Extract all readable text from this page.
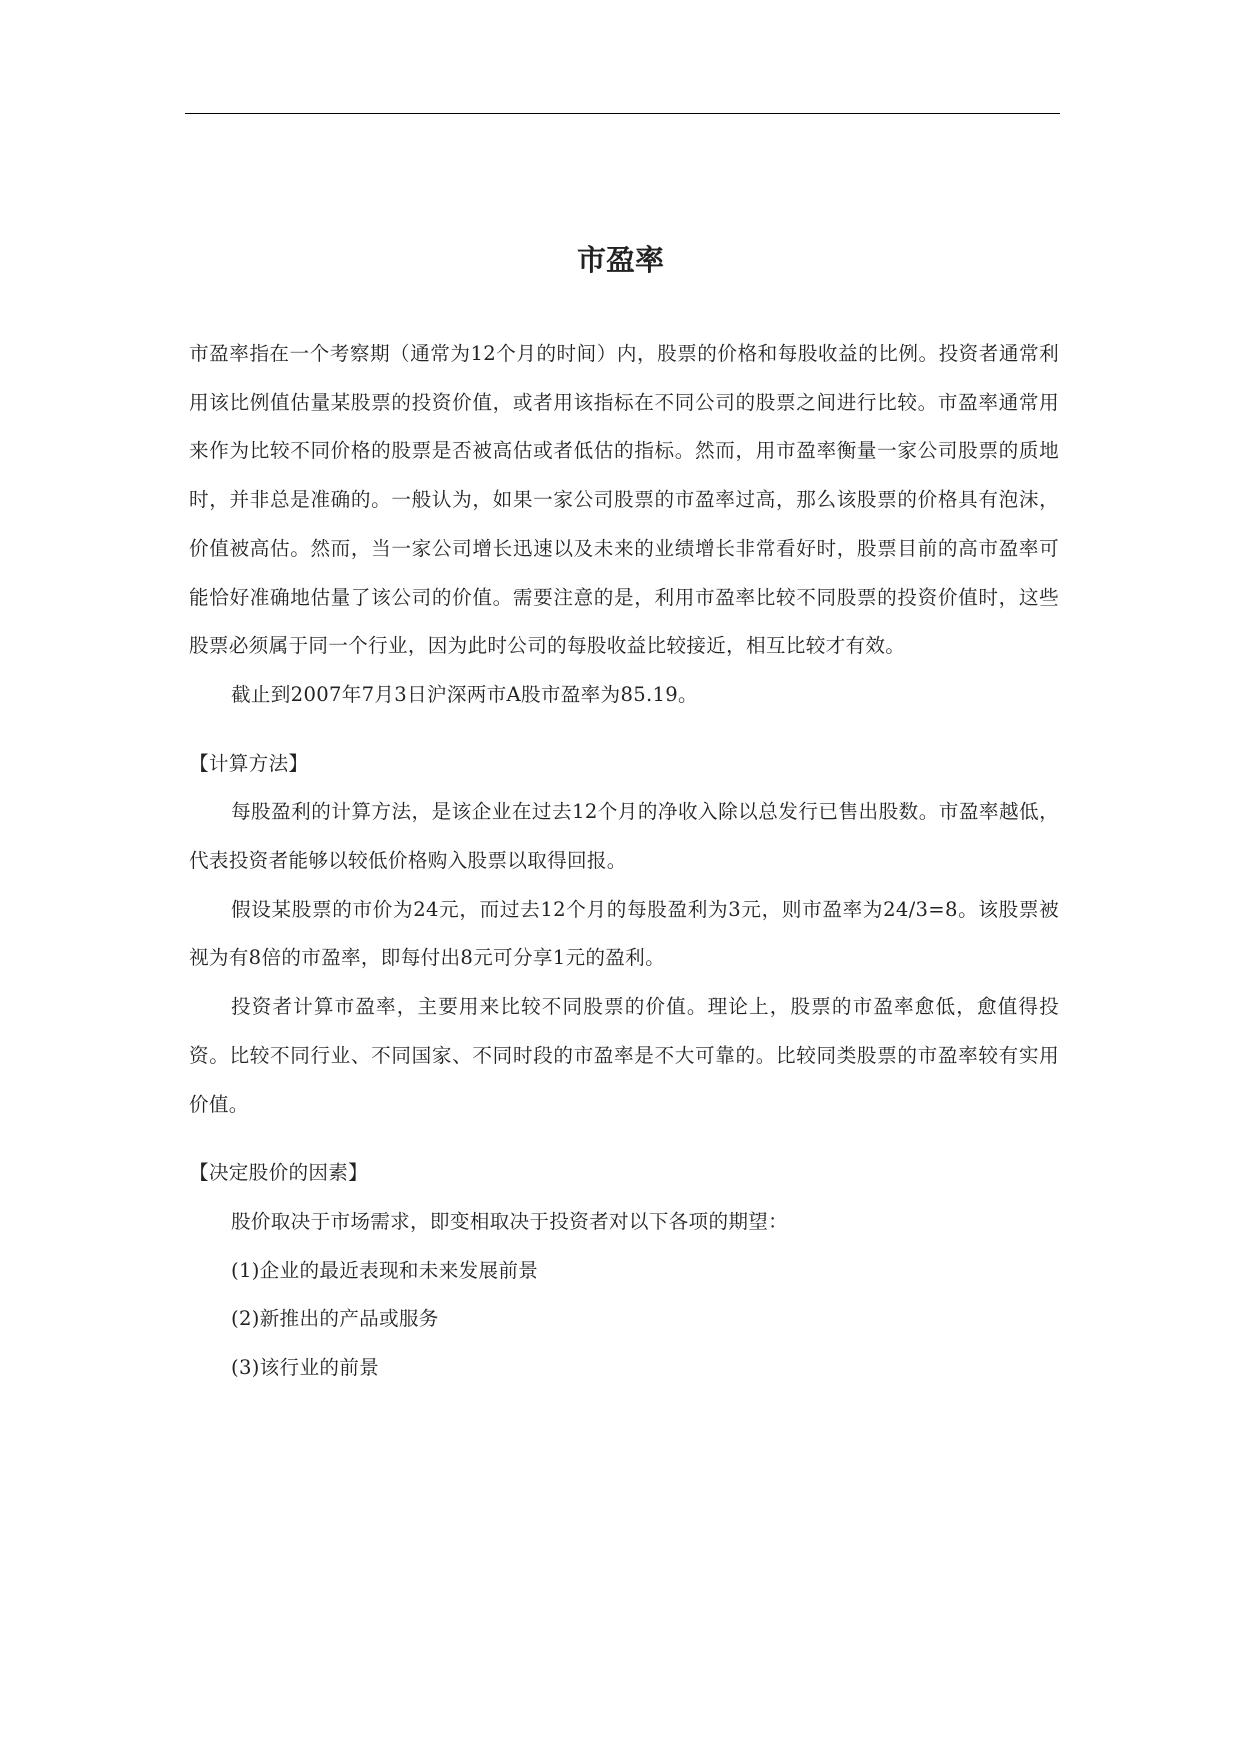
市盈率

市盈率指在一个考察期（通常为12个月的时间）内，股票的价格和每股收益的比例。投资者通常利用该比例值估量某股票的投资价值，或者用该指标在不同公司的股票之间进行比较。市盈率通常用来作为比较不同价格的股票是否被高估或者低估的指标。然而，用市盈率衡量一家公司股票的质地时，并非总是准确的。一般认为，如果一家公司股票的市盈率过高，那么该股票的价格具有泡沫，价值被高估。然而，当一家公司增长迅速以及未来的业绩增长非常看好时，股票目前的高市盈率可能恰好准确地估量了该公司的价值。需要注意的是，利用市盈率比较不同股票的投资价值时，这些股票必须属于同一个行业，因为此时公司的每股收益比较接近，相互比较才有效。

截止到2007年7月3日沪深两市A股市盈率为85.19。

【计算方法】

每股盈利的计算方法，是该企业在过去12个月的净收入除以总发行已售出股数。市盈率越低，代表投资者能够以较低价格购入股票以取得回报。

假设某股票的市价为24元，而过去12个月的每股盈利为3元，则市盈率为24/3=8。该股票被视为有8倍的市盈率，即每付出8元可分享1元的盈利。

投资者计算市盈率，主要用来比较不同股票的价值。理论上，股票的市盈率愈低，愈值得投资。比较不同行业、不同国家、不同时段的市盈率是不大可靠的。比较同类股票的市盈率较有实用价值。

【决定股价的因素】

股价取决于市场需求，即变相取决于投资者对以下各项的期望：

(1)企业的最近表现和未来发展前景

(2)新推出的产品或服务

(3)该行业的前景
